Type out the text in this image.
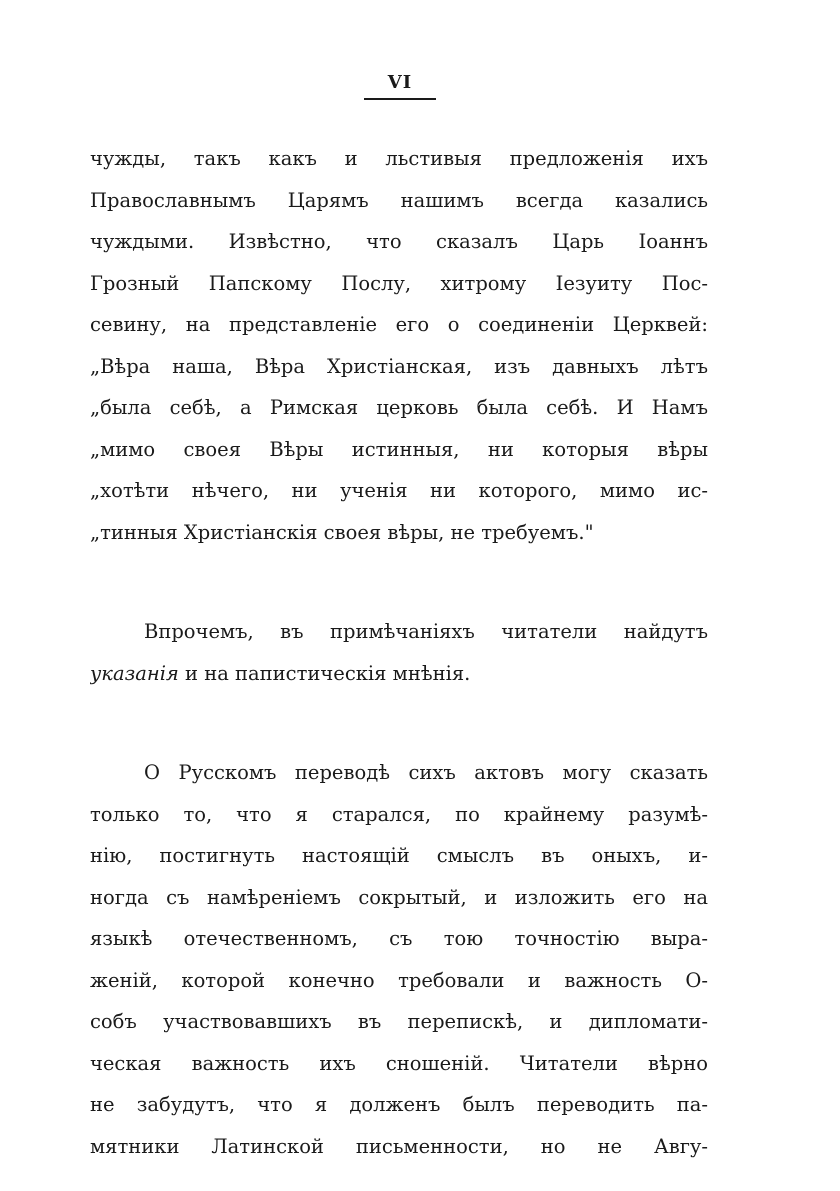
VI
чужды, такъ какъ и льстивыя предложенія ихъ
Православнымъ Царямъ нашимъ всегда казались
чуждыми. Извѣстно, что сказалъ Царь Іоаннъ
Грозный Папскому Послу, хитрому Іезуиту Пос-
севину, на представленіе его о соединеніи Церквей:
„Вѣра наша, Вѣра Христіанская, изъ давныхъ лѣтъ
„была себѣ, а Римская церковь была себѣ. И Намъ
„мимо своея Вѣры истинныя, ни которыя вѣры
„хотѣти нѣчего, ни ученія ни которого, мимо ис-
„тинныя Христіанскія своея вѣры, не требуемъ."
Впрочемъ, въ примѣчаніяхъ читатели найдутъ
указанія и на папистическія мнѣнія.
О Русскомъ переводѣ сихъ актовъ могу сказать
только то, что я старался, по крайнему разумѣ-
нію, постигнуть настоящій смыслъ въ оныхъ, и-
ногда съ намѣреніемъ сокрытый, и изложить его на
языкѣ отечественномъ, съ тою точностію выра-
женій, которой конечно требовали и важность О-
собъ участвовавшихъ въ перепискѣ, и дипломати-
ческая важность ихъ сношеній. Читатели вѣрно
не забудутъ, что я долженъ былъ переводить па-
мятники Латинской письменности, но не Авгу-
